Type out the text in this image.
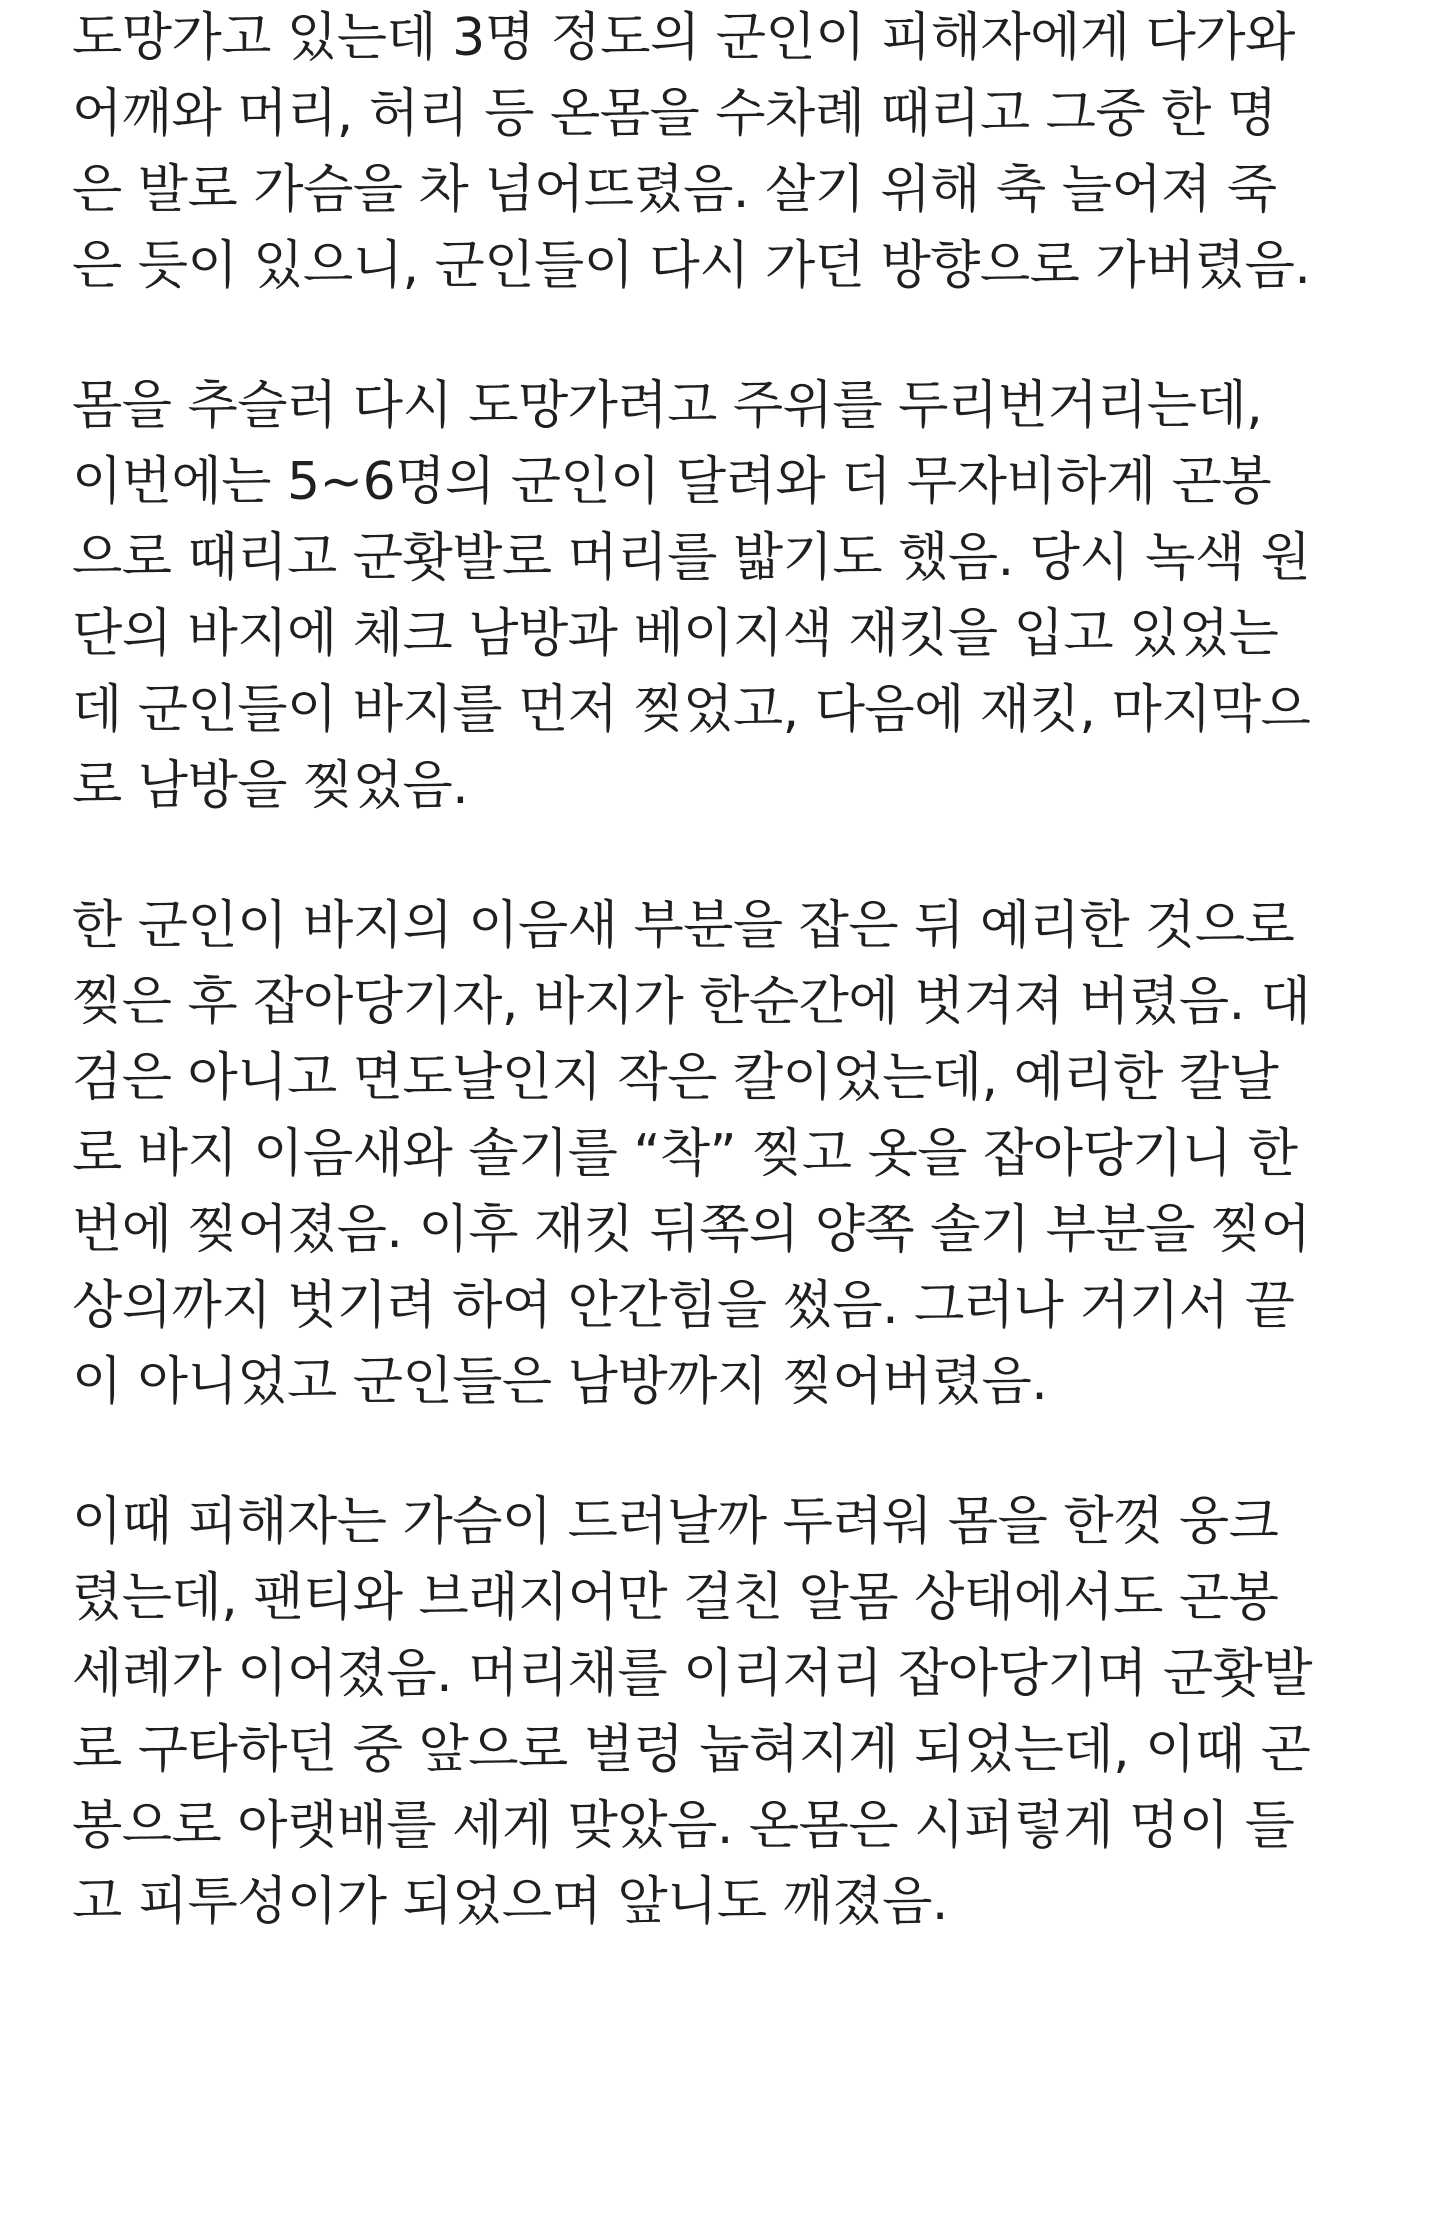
도망가고 있는데 3명 정도의 군인이 피해자에게 다가와
어깨와 머리, 허리 등 온몸을 수차례 때리고 그중 한 명
은 발로 가슴을 차 넘어뜨렸음. 살기 위해 축 늘어져 죽
은 듯이 있으니, 군인들이 다시 가던 방향으로 가버렸음.
몸을 추슬러 다시 도망가려고 주위를 두리번거리는데,
이번에는 5~6명의 군인이 달려와 더 무자비하게 곤봉
으로 때리고 군홧발로 머리를 밟기도 했음. 당시 녹색 원
단의 바지에 체크 남방과 베이지색 재킷을 입고 있었는
데 군인들이 바지를 먼저 찢었고, 다음에 재킷, 마지막으
로 남방을 찢었음.
한 군인이 바지의 이음새 부분을 잡은 뒤 예리한 것으로
찢은 후 잡아당기자, 바지가 한순간에 벗겨져 버렸음. 대
검은 아니고 면도날인지 작은 칼이었는데, 예리한 칼날
로 바지 이음새와 솔기를 “착” 찢고 옷을 잡아당기니 한
번에 찢어졌음. 이후 재킷 뒤쪽의 양쪽 솔기 부분을 찢어
상의까지 벗기려 하여 안간힘을 썼음. 그러나 거기서 끝
이 아니었고 군인들은 남방까지 찢어버렸음.
이때 피해자는 가슴이 드러날까 두려워 몸을 한껏 웅크
렸는데, 팬티와 브래지어만 걸친 알몸 상태에서도 곤봉
세례가 이어졌음. 머리채를 이리저리 잡아당기며 군홧발
로 구타하던 중 앞으로 벌렁 눕혀지게 되었는데, 이때 곤
봉으로 아랫배를 세게 맞았음. 온몸은 시퍼렇게 멍이 들
고 피투성이가 되었으며 앞니도 깨졌음.
